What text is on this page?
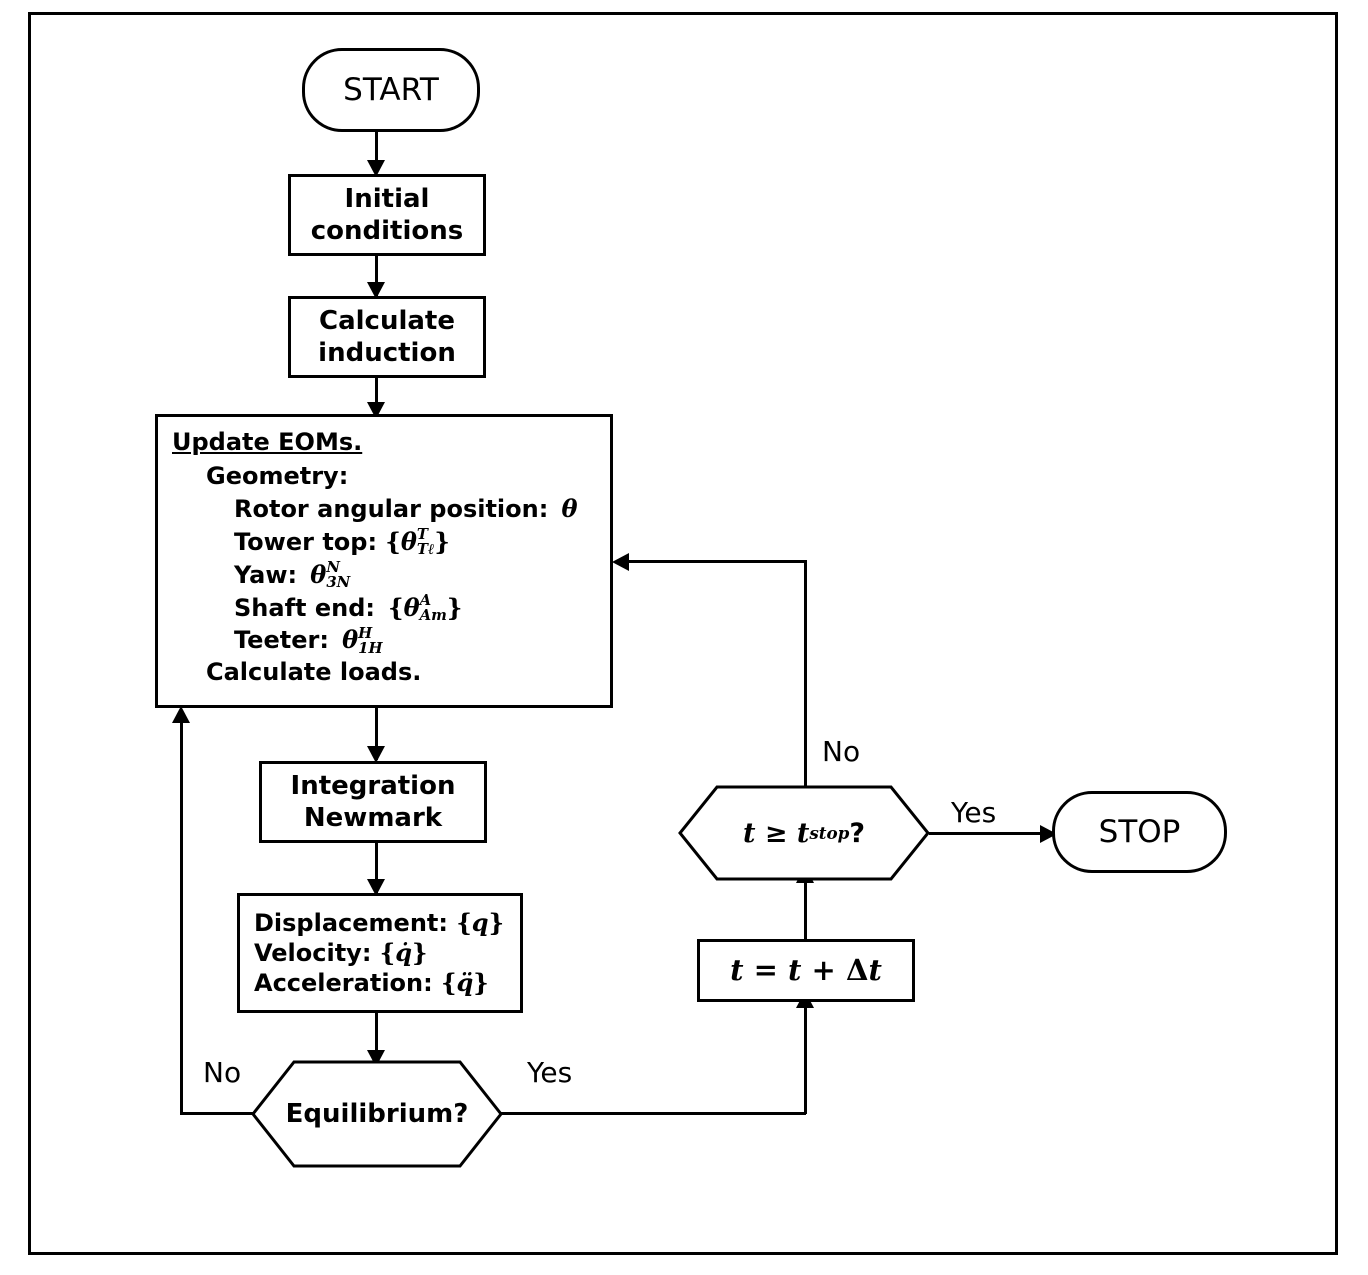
START
Initial
conditions
Calculate
induction
Update EOMs.
Geometry:
Rotor angular position:  θ
Tower top: {θ T
Tℓ }
Yaw:  θ N
3N
Shaft end:  {θ A
Am }
Teeter:  θ H
1H
Calculate loads.
Integration
Newmark
Displacement: {q}
Velocity: {q̇}
Acceleration: {q̈}
Equilibrium?
No	Yes
t = t + Δt
t ≥ t stop ?
No
Yes
STOP
